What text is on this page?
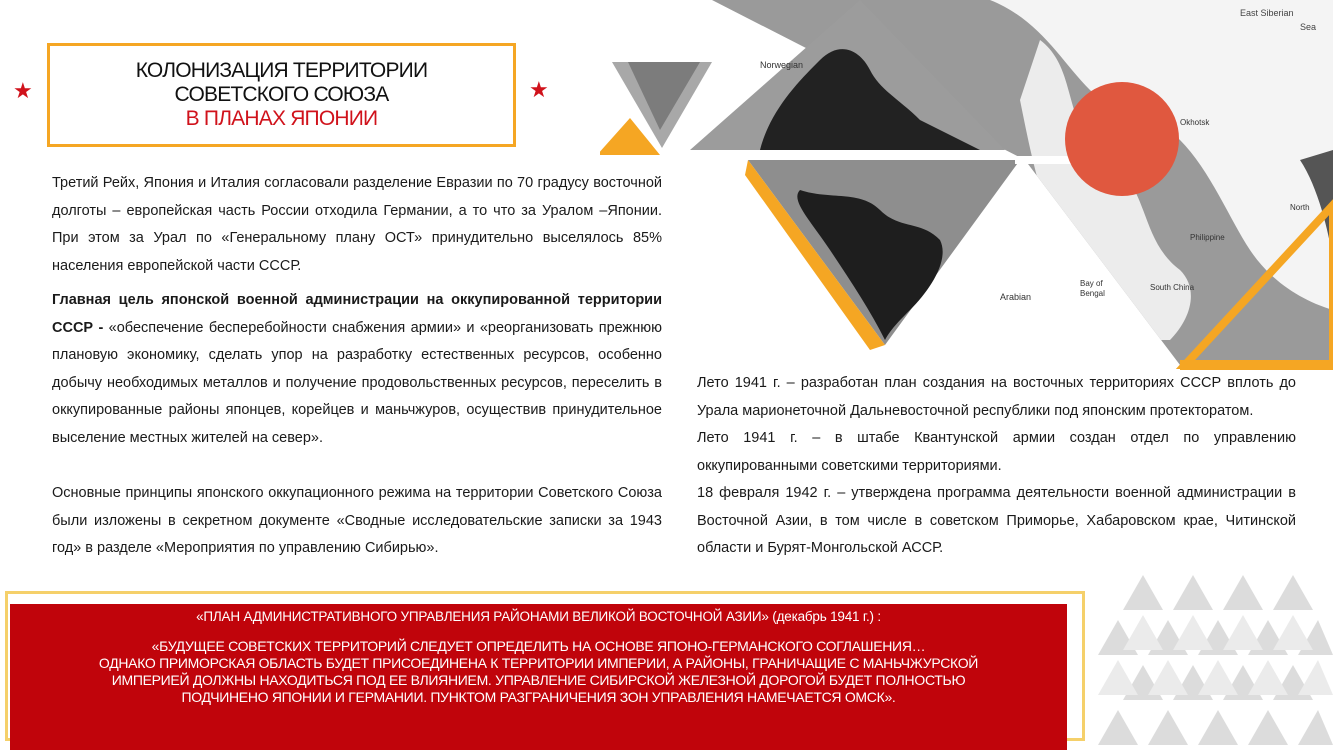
East Siberian
Sea
Norwegian
Arabian
Bay of
Bengal
South China
Philippine
Okhotsk
North
★
КОЛОНИЗАЦИЯ ТЕРРИТОРИИ
СОВЕТСКОГО СОЮЗА
В ПЛАНАХ ЯПОНИИ
★

Третий Рейх, Япония и Италия согласовали разделение Евразии по 70 градусу восточной долготы – европейская часть России отходила Германии, а то что за Уралом –Японии. При этом за Урал по «Генеральному плану ОСТ» принудительно выселялось 85% населения европейской части СССР.

Главная цель японской военной администрации на оккупированной территории СССР - «обеспечение бесперебойности снабжения армии» и «реорганизовать прежнюю плановую экономику, сделать упор на разработку естественных ресурсов, особенно добычу необходимых металлов и получение продовольственных ресурсов, переселить в оккупированные районы японцев, корейцев и маньчжуров, осуществив принудительное выселение местных жителей на север».

Основные принципы японского оккупационного режима на территории Советского Союза были изложены в секретном документе «Сводные исследовательские записки за 1943 год» в разделе «Мероприятия по управлению Сибирью».

Лето 1941 г. – разработан план создания на восточных территориях СССР вплоть до Урала марионеточной Дальневосточной республики под японским протекторатом.

Лето 1941 г. – в штабе Квантунской армии создан отдел по управлению оккупированными советскими территориями.

18 февраля 1942 г. – утверждена программа деятельности военной администрации в Восточной Азии, в том числе в советском Приморье, Хабаровском крае, Читинской области и Бурят-Монгольской АССР.

«ПЛАН АДМИНИСТРАТИВНОГО УПРАВЛЕНИЯ РАЙОНАМИ ВЕЛИКОЙ ВОСТОЧНОЙ АЗИИ» (декабрь 1941 г.) :
«БУДУЩЕЕ СОВЕТСКИХ ТЕРРИТОРИЙ СЛЕДУЕТ ОПРЕДЕЛИТЬ НА ОСНОВЕ ЯПОНО-ГЕРМАНСКОГО СОГЛАШЕНИЯ…
ОДНАКО ПРИМОРСКАЯ ОБЛАСТЬ БУДЕТ ПРИСОЕДИНЕНА К ТЕРРИТОРИИ ИМПЕРИИ, А РАЙОНЫ, ГРАНИЧАЩИЕ С МАНЬЧЖУРСКОЙ
ИМПЕРИЕЙ ДОЛЖНЫ НАХОДИТЬСЯ ПОД ЕЕ ВЛИЯНИЕМ. УПРАВЛЕНИЕ СИБИРСКОЙ ЖЕЛЕЗНОЙ ДОРОГОЙ БУДЕТ ПОЛНОСТЬЮ
ПОДЧИНЕНО ЯПОНИИ И ГЕРМАНИИ. ПУНКТОМ РАЗГРАНИЧЕНИЯ ЗОН УПРАВЛЕНИЯ НАМЕЧАЕТСЯ ОМСК».
